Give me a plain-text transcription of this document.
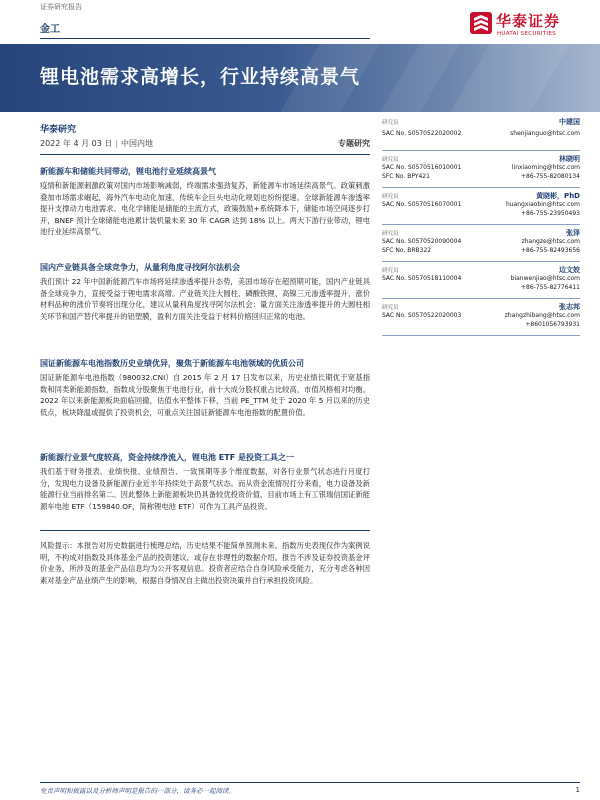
证券研究报告
金工	华泰证券
HUATAI SECURITIES
锂电池需求高增长，行业持续高景气
华泰研究
2022 年 4 月 03 日 | 中国内地	专题研究
新能源车和储能共同带动，锂电池行业延续高景气

疫情和新能源刺激政策对国内市场影响减弱，终端需求强劲复苏，新能源车市场延续高景气。政策刺激叠加市场需求崛起，海外汽车电动化加速，传统车企巨头电动化规划也纷纷提速。全球新能源车渗透率提升支撑动力电池需求。电化学储能是储能的主流方式，政策鼓励+系统降本下，储能市场空间逐步打开，BNEF 预计全球储能电池累计装机量未来 30 年 CAGR 达到 18% 以上。两大下游行业带动，锂电池行业延续高景气。

国内产业链具备全球竞争力，从量利角度寻找阿尔法机会

我们预计 22 年中国新能源汽车市场将延续渗透率提升态势，美国市场存在超预期可能，国内产业链具备全球竞争力，直接受益于锂电需求高增。产业链关注大圆柱、磷酸铁锂、高镍三元渗透率提升，涨价材料品种的涨价节奏将出现分化，建议从量利角度找寻阿尔法机会：量方面关注渗透率提升的大圆柱相关环节和国产替代率提升的铝塑膜，盈利方面关注受益于材料价格回归正常的电池。

国证新能源车电池指数历史业绩优异，聚焦于新能源车电池领域的优质公司

国证新能源车电池指数（980032.CNI）自 2015 年 2 月 17 日发布以来，历史业绩长期优于宽基指数和同类新能源指数，指数成分股聚焦于电池行业，前十大成分股权重占比较高，市值风格相对均衡。2022 年以来新能源板块面临回撤，估值水平整体下移，当前 PE_TTM 处于 2020 年 5 月以来的历史低点，板块降温或提供了投资机会，可重点关注国证新能源车电池指数的配置价值。

新能源行业景气度较高，资金持续净流入，锂电池 ETF 是投资工具之一

我们基于财务报表、业绩快报、业绩预告、一致预期等多个维度数据，对各行业景气状态进行月度打分，发现电力设备及新能源行业近半年持续处于高景气状态。而从资金流情况打分来看，电力设备及新能源行业当前排名第二。因此整体上新能源板块仍具备较优投资价值，目前市场上有工银瑞信国证新能源车电池 ETF（159840.OF，简称锂电池 ETF）可作为工具产品投资。

风险提示：本报告对历史数据进行梳理总结，历史结果不能简单预测未来。指数历史表现仅作为案例说明，不构成对指数及具体基金产品的投资建议，或存在非理性的数据介绍。报告不涉及证券投资基金评价业务，所涉及的基金产品信息均为公开客观信息。投资者应结合自身风险承受能力，充分考虑各种因素对基金产品业绩产生的影响，根据自身情况自主做出投资决策并自行承担投资风险。

研究员	中建国
SAC No. S0570522020002	shenjianguo@htsc.com
研究员	林晓明
SAC No. S0570516010001	linxiaoming@htsc.com
SFC No. BPY421	+86-755-82080134
研究员	黄晓彬，PhD
SAC No. S0570516070001	huangxiaobin@htsc.com
+86-755-23950493
研究员	张泽
SAC No. S0570520090004	zhangze@htsc.com
SFC No. BRB322	+86-755-82493656
研究员	边文姣
SAC No. S0570518110004	bianwenjiao@htsc.com
+86-755-82776411
研究员	张志邦
SAC No. S0570522020003	zhangzhibang@htsc.com
+8601056793931
免责声明和披露以及分析师声明是报告的一部分，请务必一起阅读。	1
